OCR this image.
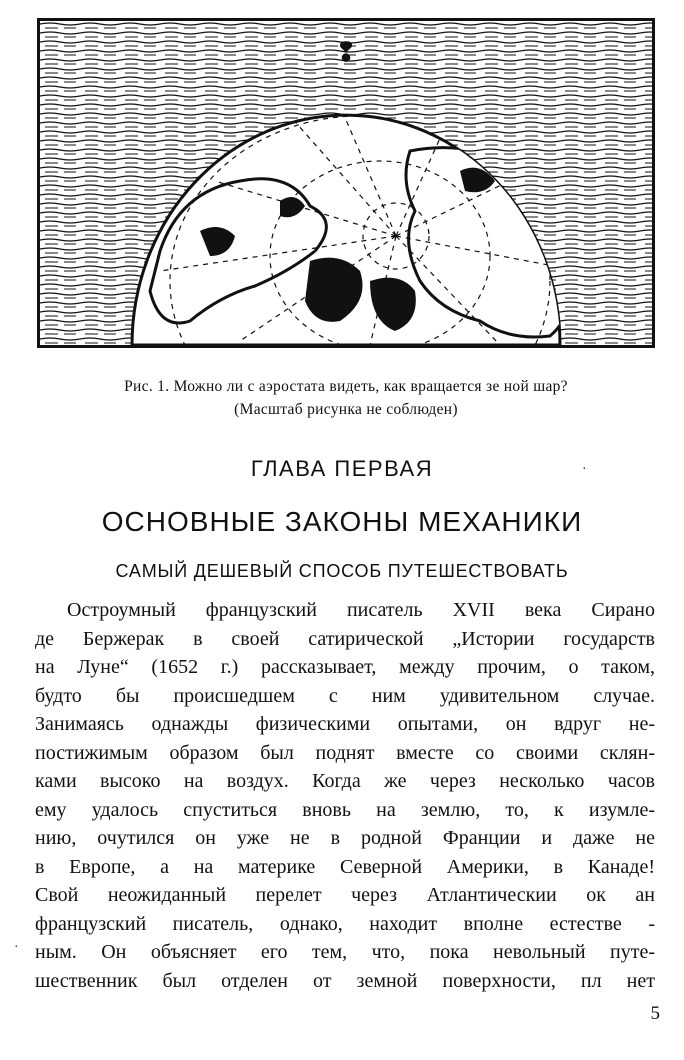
❢
Рис. 1. Можно ли с аэростата видеть, как вращается зе ной шар?
(Масштаб рисунка не соблюден)
ГЛАВА ПЕРВАЯ
ОСНОВНЫЕ ЗАКОНЫ МЕХАНИКИ
САМЫЙ ДЕШЕВЫЙ СПОСОБ ПУТЕШЕСТВОВАТЬ
Остроумный французский писатель XVII века Сирано
де Бержерак в своей сатирической „Истории государств
на Луне“ (1652 г.) рассказывает, между прочим, о таком,
будто бы происшедшем с ним удивительном случае.
Занимаясь однажды физическими опытами, он вдруг не-
постижимым образом был поднят вместе со своими склян-
ками высоко на воздух. Когда же через несколько часов
ему удалось спуститься вновь на землю, то, к изумле-
нию, очутился он уже не в родной Франции и даже не
в Европе, а на материке Северной Америки, в Канаде!
Свой неожиданный перелет через Атлантическии ок ан
французский писатель, однако, находит вполне естестве -
ным. Он объясняет его тем, что, пока невольный путе-
шественник был отделен от земной поверхности, пл нет
·
·
5
